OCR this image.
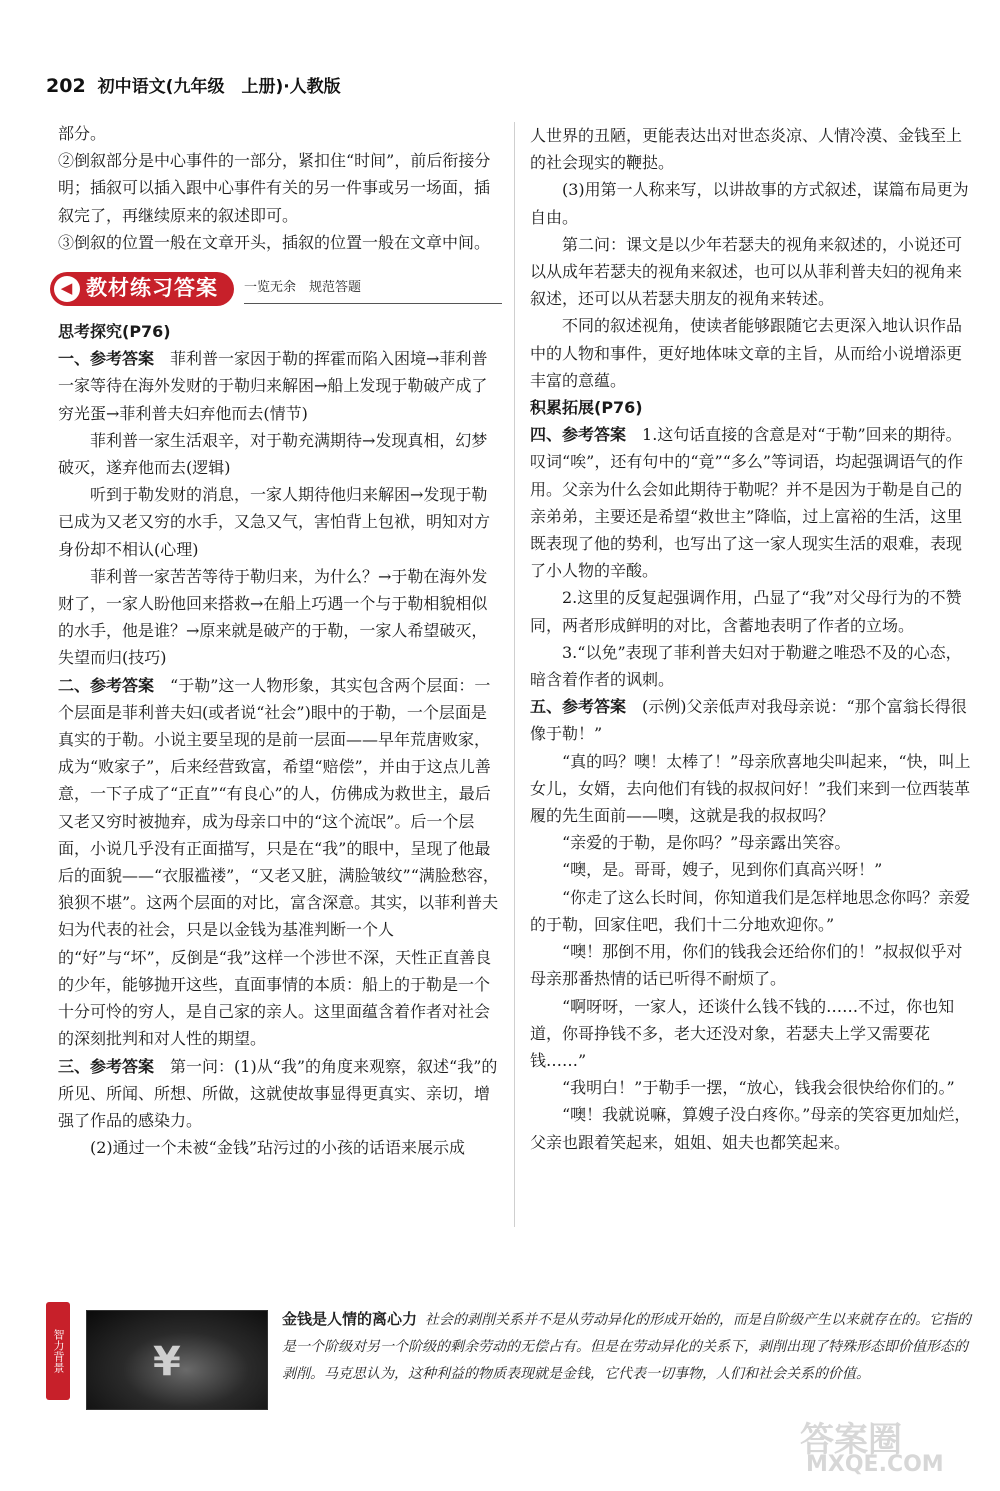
202 初中语文(九年级　上册)·人教版

部分。

②倒叙部分是中心事件的一部分，紧扣住“时间”，前后衔接分明；插叙可以插入跟中心事件有关的另一件事或另一场面，插叙完了，再继续原来的叙述即可。

③倒叙的位置一般在文章开头，插叙的位置一般在文章中间。

◀ 教材练习答案 一览无余　规范答题

思考探究(P76)

一、参考答案　 菲利普一家因于勒的挥霍而陷入困境→菲利普一家等待在海外发财的于勒归来解困→船上发现于勒破产成了穷光蛋→菲利普夫妇弃他而去(情节)

菲利普一家生活艰辛，对于勒充满期待→发现真相，幻梦破灭，遂弃他而去(逻辑)

听到于勒发财的消息，一家人期待他归来解困→发现于勒已成为又老又穷的水手，又急又气，害怕背上包袱，明知对方身份却不相认(心理)

菲利普一家苦苦等待于勒归来，为什么？→于勒在海外发财了，一家人盼他回来搭救→在船上巧遇一个与于勒相貌相似的水手，他是谁？→原来就是破产的于勒，一家人希望破灭，失望而归(技巧)

二、参考答案　 “于勒”这一人物形象，其实包含两个层面：一个层面是菲利普夫妇(或者说“社会”)眼中的于勒，一个层面是真实的于勒。小说主要呈现的是前一层面——早年荒唐败家，成为“败家子”，后来经营致富，希望“赔偿”，并由于这点儿善意，一下子成了“正直”“有良心”的人，仿佛成为救世主，最后又老又穷时被抛弃，成为母亲口中的“这个流氓”。后一个层面，小说几乎没有正面描写，只是在“我”的眼中，呈现了他最后的面貌——“衣服褴褛”，“又老又脏，满脸皱纹”“满脸愁容，狼狈不堪”。这两个层面的对比，富含深意。其实，以菲利普夫妇为代表的社会，只是以金钱为基准判断一个人的“好”与“坏”，反倒是“我”这样一个涉世不深，天性正直善良的少年，能够抛开这些，直面事情的本质：船上的于勒是一个十分可怜的穷人，是自己家的亲人。这里面蕴含着作者对社会的深刻批判和对人性的期望。

三、参考答案　 第一问：(1)从“我”的角度来观察，叙述“我”的所见、所闻、所想、所做，这就使故事显得更真实、亲切，增强了作品的感染力。

(2)通过一个未被“金钱”玷污过的小孩的话语来展示成

人世界的丑陋，更能表达出对世态炎凉、人情冷漠、金钱至上的社会现实的鞭挞。

(3)用第一人称来写，以讲故事的方式叙述，谋篇布局更为自由。

第二问：课文是以少年若瑟夫的视角来叙述的，小说还可以从成年若瑟夫的视角来叙述，也可以从菲利普夫妇的视角来叙述，还可以从若瑟夫朋友的视角来转述。

不同的叙述视角，使读者能够跟随它去更深入地认识作品中的人物和事件，更好地体味文章的主旨，从而给小说增添更丰富的意蕴。

积累拓展(P76)

四、参考答案　 1.这句话直接的含意是对“于勒”回来的期待。叹词“唉”，还有句中的“竟”“多么”等词语，均起强调语气的作用。父亲为什么会如此期待于勒呢？并不是因为于勒是自己的亲弟弟，主要还是希望“救世主”降临，过上富裕的生活，这里既表现了他的势利，也写出了这一家人现实生活的艰难，表现了小人物的辛酸。

2.这里的反复起强调作用，凸显了“我”对父母行为的不赞同，两者形成鲜明的对比，含蓄地表明了作者的立场。

3.“以免”表现了菲利普夫妇对于勒避之唯恐不及的心态，暗含着作者的讽刺。

五、参考答案　 (示例)父亲低声对我母亲说：“那个富翁长得很像于勒！”

“真的吗？噢！太棒了！”母亲欣喜地尖叫起来，“快，叫上女儿，女婿，去向他们有钱的叔叔问好！”我们来到一位西装革履的先生面前——噢，这就是我的叔叔吗？

“亲爱的于勒，是你吗？”母亲露出笑容。

“噢，是。哥哥，嫂子，见到你们真高兴呀！”

“你走了这么长时间，你知道我们是怎样地思念你吗？亲爱的于勒，回家住吧，我们十二分地欢迎你。”

“噢！那倒不用，你们的钱我会还给你们的！”叔叔似乎对母亲那番热情的话已听得不耐烦了。

“啊呀呀，一家人，还谈什么钱不钱的……不过，你也知道，你哥挣钱不多，老大还没对象，若瑟夫上学又需要花钱……”

“我明白！”于勒手一摆，“放心，钱我会很快给你们的。”

“噢！我就说嘛，算嫂子没白疼你。”母亲的笑容更加灿烂，父亲也跟着笑起来，姐姐、姐夫也都笑起来。

智力背景 ¥
金钱是人情的离心力 社会的剥削关系并不是从劳动异化的形成开始的，而是自阶级产生以来就存在的。它指的是一个阶级对另一个阶级的剩余劳动的无偿占有。但是在劳动异化的关系下，剥削出现了特殊形态即价值形态的剥削。马克思认为，这种利益的物质表现就是金钱，它代表一切事物，人们和社会关系的价值。
答案圈
MXQE.COM
